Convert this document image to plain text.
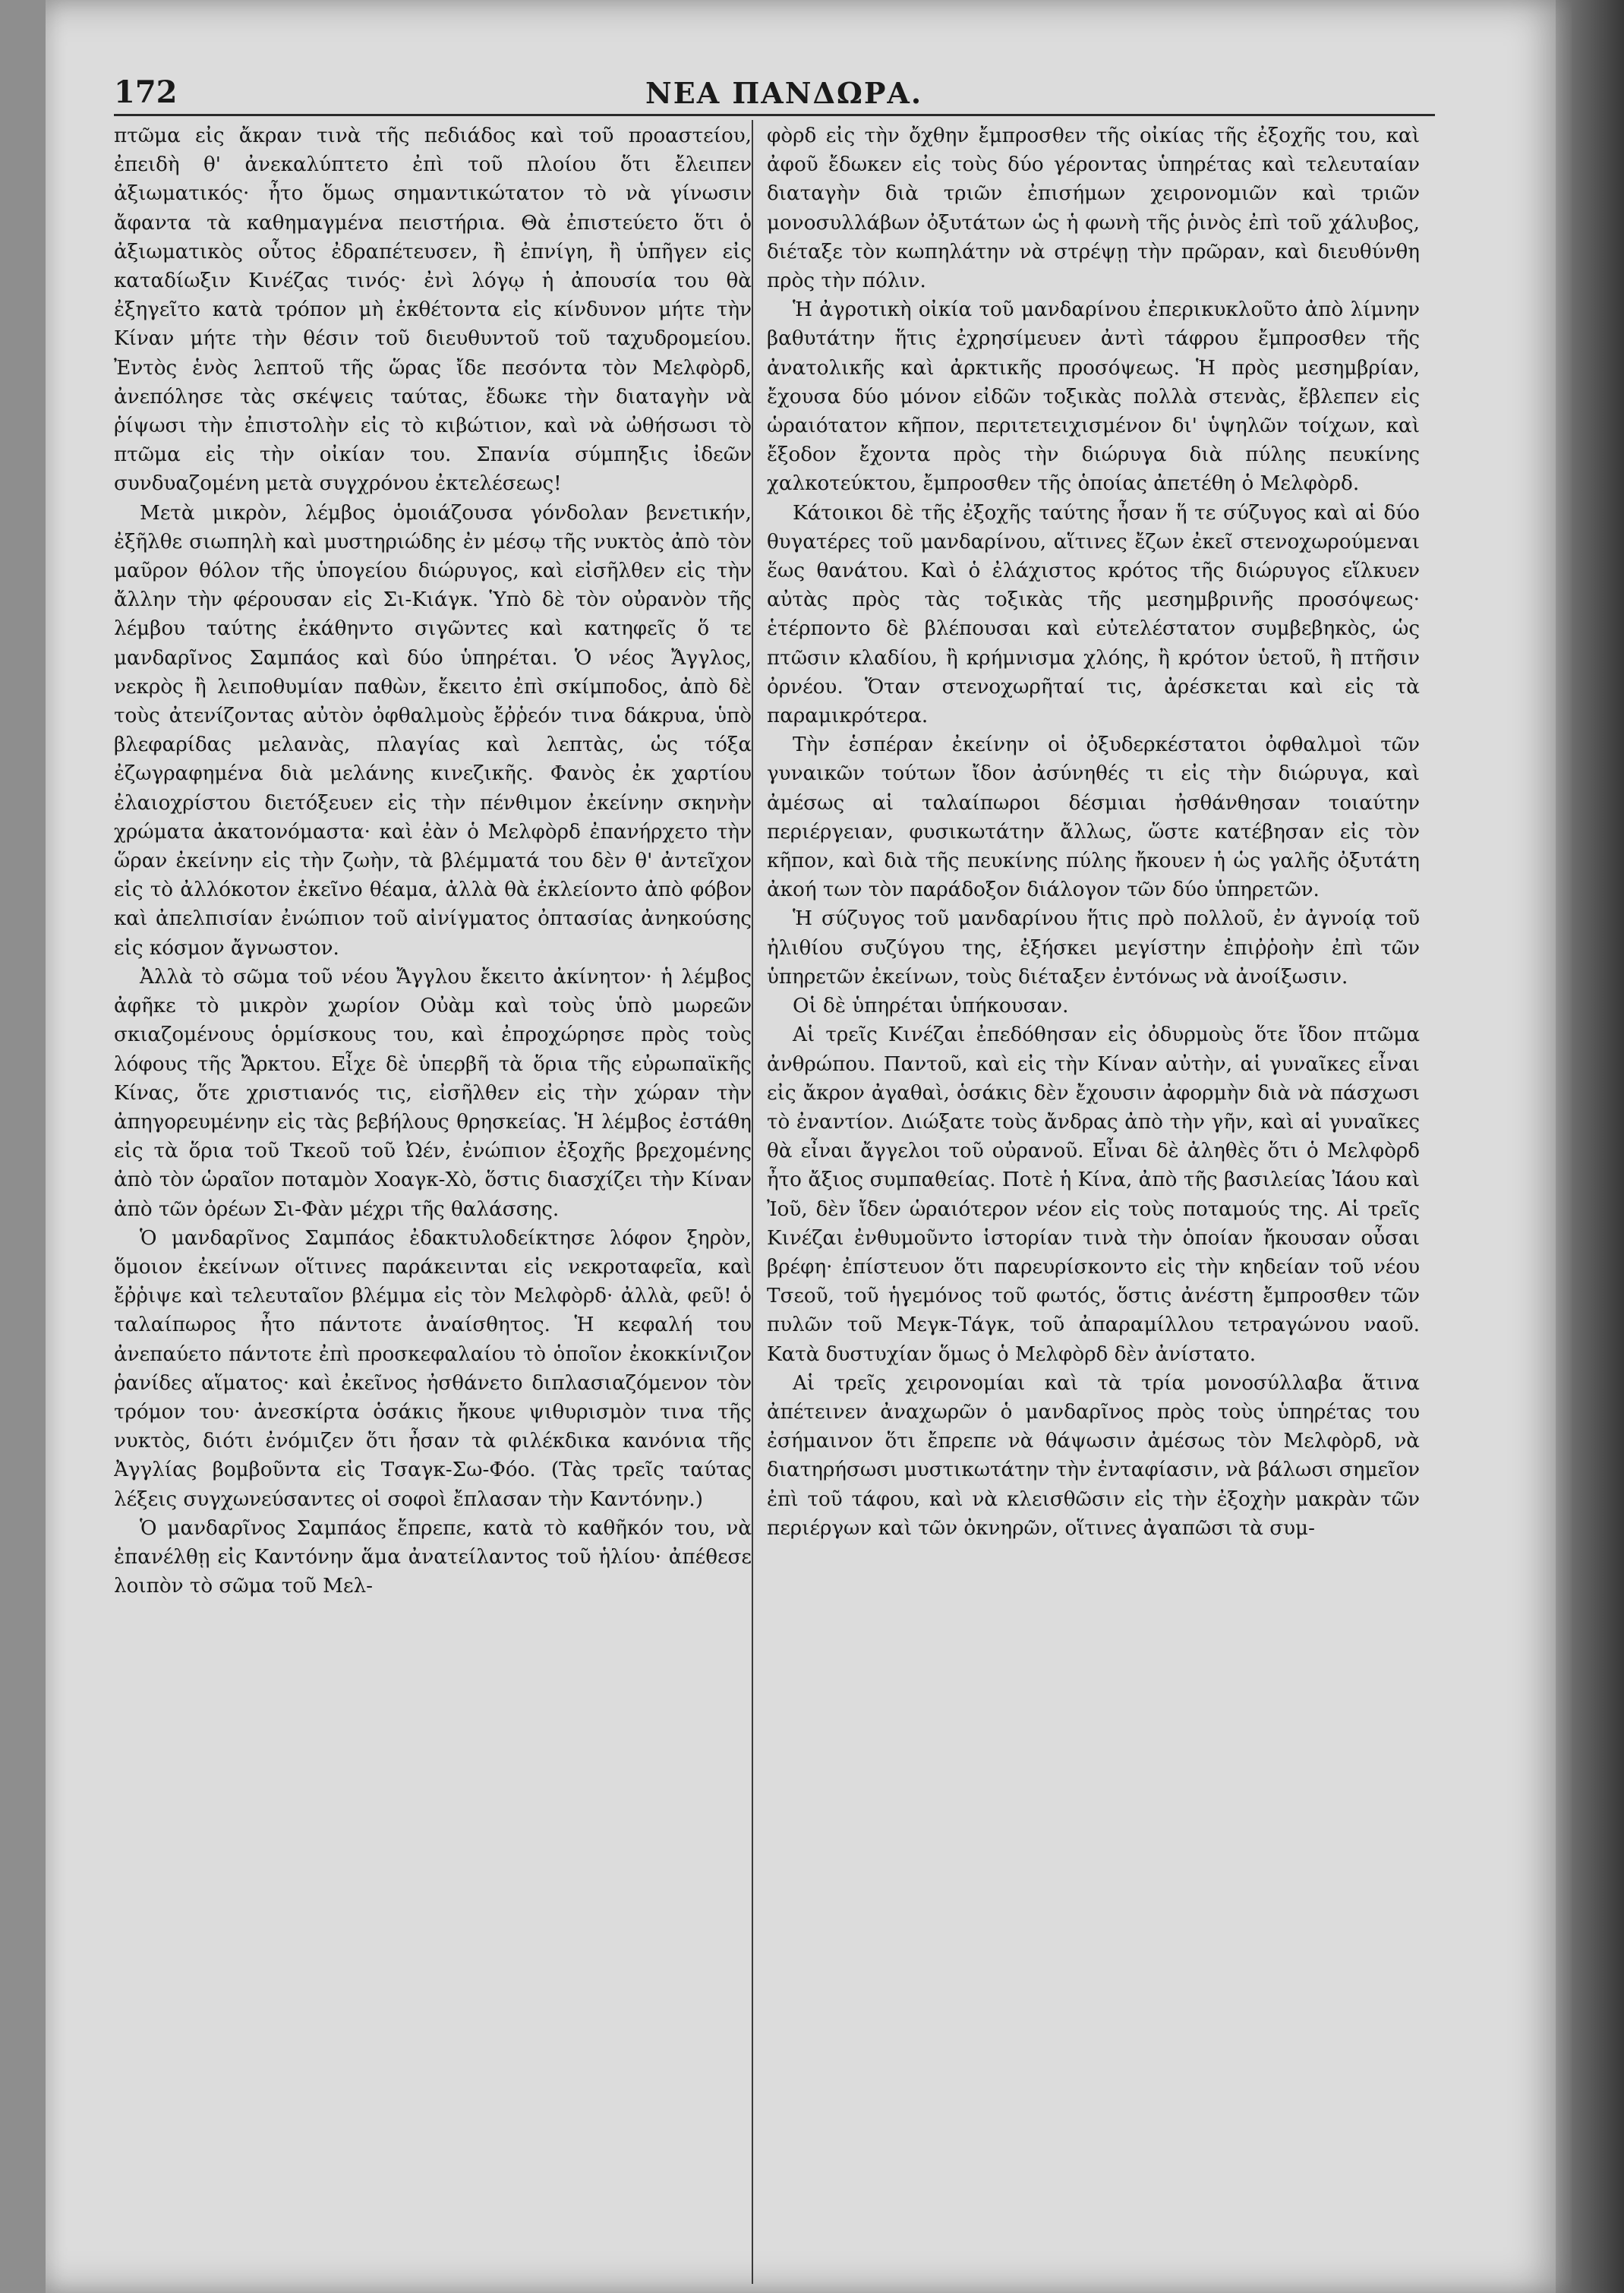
172	ΝΕΑ ΠΑΝΔΩΡΑ.

πτῶμα εἰς ἄκραν τινὰ τῆς πεδιάδος καὶ τοῦ προαστείου, ἐπειδὴ θ' ἀνεκαλύπτετο ἐπὶ τοῦ πλοίου ὅτι ἔλειπεν ἀξιωματικός· ἦτο ὅμως σημαντικώτατον τὸ νὰ γίνωσιν ἄφαντα τὰ καθημαγμένα πειστήρια. Θὰ ἐπιστεύετο ὅτι ὁ ἀξιωματικὸς οὗτος ἐδραπέτευσεν, ἢ ἐπνίγη, ἢ ὑπῆγεν εἰς καταδίωξιν Κινέζας τινός· ἐνὶ λόγῳ ἡ ἀπουσία του θὰ ἐξηγεῖτο κατὰ τρόπον μὴ ἐκθέτοντα εἰς κίνδυνον μήτε τὴν Κίναν μήτε τὴν θέσιν τοῦ διευθυντοῦ τοῦ ταχυδρομείου. Ἐντὸς ἑνὸς λεπτοῦ τῆς ὥρας ἴδε πεσόντα τὸν Μελφὸρδ, ἀνεπόλησε τὰς σκέψεις ταύτας, ἔδωκε τὴν διαταγὴν νὰ ῥίψωσι τὴν ἐπιστολὴν εἰς τὸ κιβώτιον, καὶ νὰ ὠθήσωσι τὸ πτῶμα εἰς τὴν οἰκίαν του. Σπανία σύμπηξις ἰδεῶν συνδυαζομένη μετὰ συγχρόνου ἐκτελέσεως!

Μετὰ μικρὸν, λέμβος ὁμοιάζουσα γόνδολαν βενετικήν, ἐξῆλθε σιωπηλὴ καὶ μυστηριώδης ἐν μέσῳ τῆς νυκτὸς ἀπὸ τὸν μαῦρον θόλον τῆς ὑπογείου διώρυγος, καὶ εἰσῆλθεν εἰς τὴν ἄλλην τὴν φέρουσαν εἰς Σι-Κιάγκ. Ὑπὸ δὲ τὸν οὐρανὸν τῆς λέμβου ταύτης ἐκάθηντο σιγῶντες καὶ κατηφεῖς ὅ τε μανδαρῖνος Σαμπάος καὶ δύο ὑπηρέται. Ὁ νέος Ἄγγλος, νεκρὸς ἢ λειποθυμίαν παθὼν, ἔκειτο ἐπὶ σκίμποδος, ἀπὸ δὲ τοὺς ἀτενίζοντας αὐτὸν ὀφθαλμοὺς ἔῤῥεόν τινα δάκρυα, ὑπὸ βλεφαρίδας μελανὰς, πλαγίας καὶ λεπτὰς, ὡς τόξα ἐζωγραφημένα διὰ μελάνης κινεζικῆς. Φανὸς ἐκ χαρτίου ἐλαιοχρίστου διετόξευεν εἰς τὴν πένθιμον ἐκείνην σκηνὴν χρώματα ἀκατονόμαστα· καὶ ἐὰν ὁ Μελφὸρδ ἐπανήρχετο τὴν ὥραν ἐκείνην εἰς τὴν ζωὴν, τὰ βλέμματά του δὲν θ' ἀντεῖχον εἰς τὸ ἀλλόκοτον ἐκεῖνο θέαμα, ἀλλὰ θὰ ἐκλείοντο ἀπὸ φόβον καὶ ἀπελπισίαν ἐνώπιον τοῦ αἰνίγματος ὀπτασίας ἀνηκούσης εἰς κόσμον ἄγνωστον.

Ἀλλὰ τὸ σῶμα τοῦ νέου Ἄγγλου ἔκειτο ἀκίνητον· ἡ λέμβος ἀφῆκε τὸ μικρὸν χωρίον Οὐὰμ καὶ τοὺς ὑπὸ μωρεῶν σκιαζομένους ὁρμίσκους του, καὶ ἐπροχώρησε πρὸς τοὺς λόφους τῆς Ἄρκτου. Εἶχε δὲ ὑπερβῆ τὰ ὅρια τῆς εὐρωπαϊκῆς Κίνας, ὅτε χριστιανός τις, εἰσῆλθεν εἰς τὴν χώραν τὴν ἀπηγορευμένην εἰς τὰς βεβήλους θρησκείας. Ἡ λέμβος ἐστάθη εἰς τὰ ὅρια τοῦ Τκεοῦ τοῦ Ὠέν, ἐνώπιον ἐξοχῆς βρεχομένης ἀπὸ τὸν ὡραῖον ποταμὸν Χοαγκ-Χὸ, ὅστις διασχίζει τὴν Κίναν ἀπὸ τῶν ὀρέων Σι-Φὰν μέχρι τῆς θαλάσσης.

Ὁ μανδαρῖνος Σαμπάος ἐδακτυλοδείκτησε λόφον ξηρὸν, ὅμοιον ἐκείνων οἵτινες παράκεινται εἰς νεκροταφεῖα, καὶ ἔῤῥιψε καὶ τελευταῖον βλέμμα εἰς τὸν Μελφὸρδ· ἀλλὰ, φεῦ! ὁ ταλαίπωρος ἦτο πάντοτε ἀναίσθητος. Ἡ κεφαλή του ἀνεπαύετο πάντοτε ἐπὶ προσκεφαλαίου τὸ ὁποῖον ἐκοκκίνιζον ῥανίδες αἵματος· καὶ ἐκεῖνος ἠσθάνετο διπλασιαζόμενον τὸν τρόμον του· ἀνεσκίρτα ὁσάκις ἤκουε ψιθυρισμὸν τινα τῆς νυκτὸς, διότι ἐνόμιζεν ὅτι ἦσαν τὰ φιλέκδικα κανόνια τῆς Ἀγγλίας βομβοῦντα εἰς Τσαγκ-Σω-Φόο. (Τὰς τρεῖς ταύτας λέξεις συγχωνεύσαντες οἱ σοφοὶ ἔπλασαν τὴν Καντόνην.)

Ὁ μανδαρῖνος Σαμπάος ἔπρεπε, κατὰ τὸ καθῆκόν του, νὰ ἐπανέλθῃ εἰς Καντόνην ἅμα ἀνατείλαντος τοῦ ἡλίου· ἀπέθεσε λοιπὸν τὸ σῶμα τοῦ Μελ-

φὸρδ εἰς τὴν ὄχθην ἔμπροσθεν τῆς οἰκίας τῆς ἐξοχῆς του, καὶ ἀφοῦ ἔδωκεν εἰς τοὺς δύο γέροντας ὑπηρέτας καὶ τελευταίαν διαταγὴν διὰ τριῶν ἐπισήμων χειρονομιῶν καὶ τριῶν μονοσυλλάβων ὀξυτάτων ὡς ἡ φωνὴ τῆς ῥινὸς ἐπὶ τοῦ χάλυβος, διέταξε τὸν κωπηλάτην νὰ στρέψῃ τὴν πρῶραν, καὶ διευθύνθη πρὸς τὴν πόλιν.

Ἡ ἀγροτικὴ οἰκία τοῦ μανδαρίνου ἐπερικυκλοῦτο ἀπὸ λίμνην βαθυτάτην ἥτις ἐχρησίμευεν ἀντὶ τάφρου ἔμπροσθεν τῆς ἀνατολικῆς καὶ ἀρκτικῆς προσόψεως. Ἡ πρὸς μεσημβρίαν, ἔχουσα δύο μόνον εἰδῶν τοξικὰς πολλὰ στενὰς, ἔβλεπεν εἰς ὡραιότατον κῆπον, περιτετειχισμένον δι' ὑψηλῶν τοίχων, καὶ ἔξοδον ἔχοντα πρὸς τὴν διώρυγα διὰ πύλης πευκίνης χαλκοτεύκτου, ἔμπροσθεν τῆς ὁποίας ἀπετέθη ὁ Μελφὸρδ.

Κάτοικοι δὲ τῆς ἐξοχῆς ταύτης ἦσαν ἥ τε σύζυγος καὶ αἱ δύο θυγατέρες τοῦ μανδαρίνου, αἵτινες ἔζων ἐκεῖ στενοχωρούμεναι ἕως θανάτου. Καὶ ὁ ἐλάχιστος κρότος τῆς διώρυγος εἵλκυεν αὐτὰς πρὸς τὰς τοξικὰς τῆς μεσημβρινῆς προσόψεως· ἑτέρποντο δὲ βλέπουσαι καὶ εὐτελέστατον συμβεβηκὸς, ὡς πτῶσιν κλαδίου, ἢ κρήμνισμα χλόης, ἢ κρότον ὑετοῦ, ἢ πτῆσιν ὀρνέου. Ὅταν στενοχωρῆταί τις, ἀρέσκεται καὶ εἰς τὰ παραμικρότερα.

Τὴν ἑσπέραν ἐκείνην οἱ ὀξυδερκέστατοι ὀφθαλμοὶ τῶν γυναικῶν τούτων ἴδον ἀσύνηθές τι εἰς τὴν διώρυγα, καὶ ἀμέσως αἱ ταλαίπωροι δέσμιαι ἠσθάνθησαν τοιαύτην περιέργειαν, φυσικωτάτην ἄλλως, ὥστε κατέβησαν εἰς τὸν κῆπον, καὶ διὰ τῆς πευκίνης πύλης ἤκουεν ἡ ὡς γαλῆς ὀξυτάτη ἀκοή των τὸν παράδοξον διάλογον τῶν δύο ὑπηρετῶν.

Ἡ σύζυγος τοῦ μανδαρίνου ἥτις πρὸ πολλοῦ, ἐν ἀγνοίᾳ τοῦ ἠλιθίου συζύγου της, ἐξήσκει μεγίστην ἐπιῤῥοὴν ἐπὶ τῶν ὑπηρετῶν ἐκείνων, τοὺς διέταξεν ἐντόνως νὰ ἀνοίξωσιν.

Οἱ δὲ ὑπηρέται ὑπήκουσαν.

Αἱ τρεῖς Κινέζαι ἐπεδόθησαν εἰς ὀδυρμοὺς ὅτε ἴδον πτῶμα ἀνθρώπου. Παντοῦ, καὶ εἰς τὴν Κίναν αὐτὴν, αἱ γυναῖκες εἶναι εἰς ἄκρον ἀγαθαὶ, ὁσάκις δὲν ἔχουσιν ἀφορμὴν διὰ νὰ πάσχωσι τὸ ἐναντίον. Διώξατε τοὺς ἄνδρας ἀπὸ τὴν γῆν, καὶ αἱ γυναῖκες θὰ εἶναι ἄγγελοι τοῦ οὐρανοῦ. Εἶναι δὲ ἀληθὲς ὅτι ὁ Μελφὸρδ ἦτο ἄξιος συμπαθείας. Ποτὲ ἡ Κίνα, ἀπὸ τῆς βασιλείας Ἰάου καὶ Ἰοῦ, δὲν ἴδεν ὡραιότερον νέον εἰς τοὺς ποταμούς της. Αἱ τρεῖς Κινέζαι ἐνθυμοῦντο ἱστορίαν τινὰ τὴν ὁποίαν ἤκουσαν οὖσαι βρέφη· ἐπίστευον ὅτι παρευρίσκοντο εἰς τὴν κηδείαν τοῦ νέου Τσεοῦ, τοῦ ἡγεμόνος τοῦ φωτός, ὅστις ἀνέστη ἔμπροσθεν τῶν πυλῶν τοῦ Μεγκ-Τάγκ, τοῦ ἀπαραμίλλου τετραγώνου ναοῦ. Κατὰ δυστυχίαν ὅμως ὁ Μελφὸρδ δὲν ἀνίστατο.

Αἱ τρεῖς χειρονομίαι καὶ τὰ τρία μονοσύλλαβα ἅτινα ἀπέτεινεν ἀναχωρῶν ὁ μανδαρῖνος πρὸς τοὺς ὑπηρέτας του ἐσήμαινον ὅτι ἔπρεπε νὰ θάψωσιν ἀμέσως τὸν Μελφὸρδ, νὰ διατηρήσωσι μυστικωτάτην τὴν ἐνταφίασιν, νὰ βάλωσι σημεῖον ἐπὶ τοῦ τάφου, καὶ νὰ κλεισθῶσιν εἰς τὴν ἐξοχὴν μακρὰν τῶν περιέργων καὶ τῶν ὀκνηρῶν, οἵτινες ἀγαπῶσι τὰ συμ-
